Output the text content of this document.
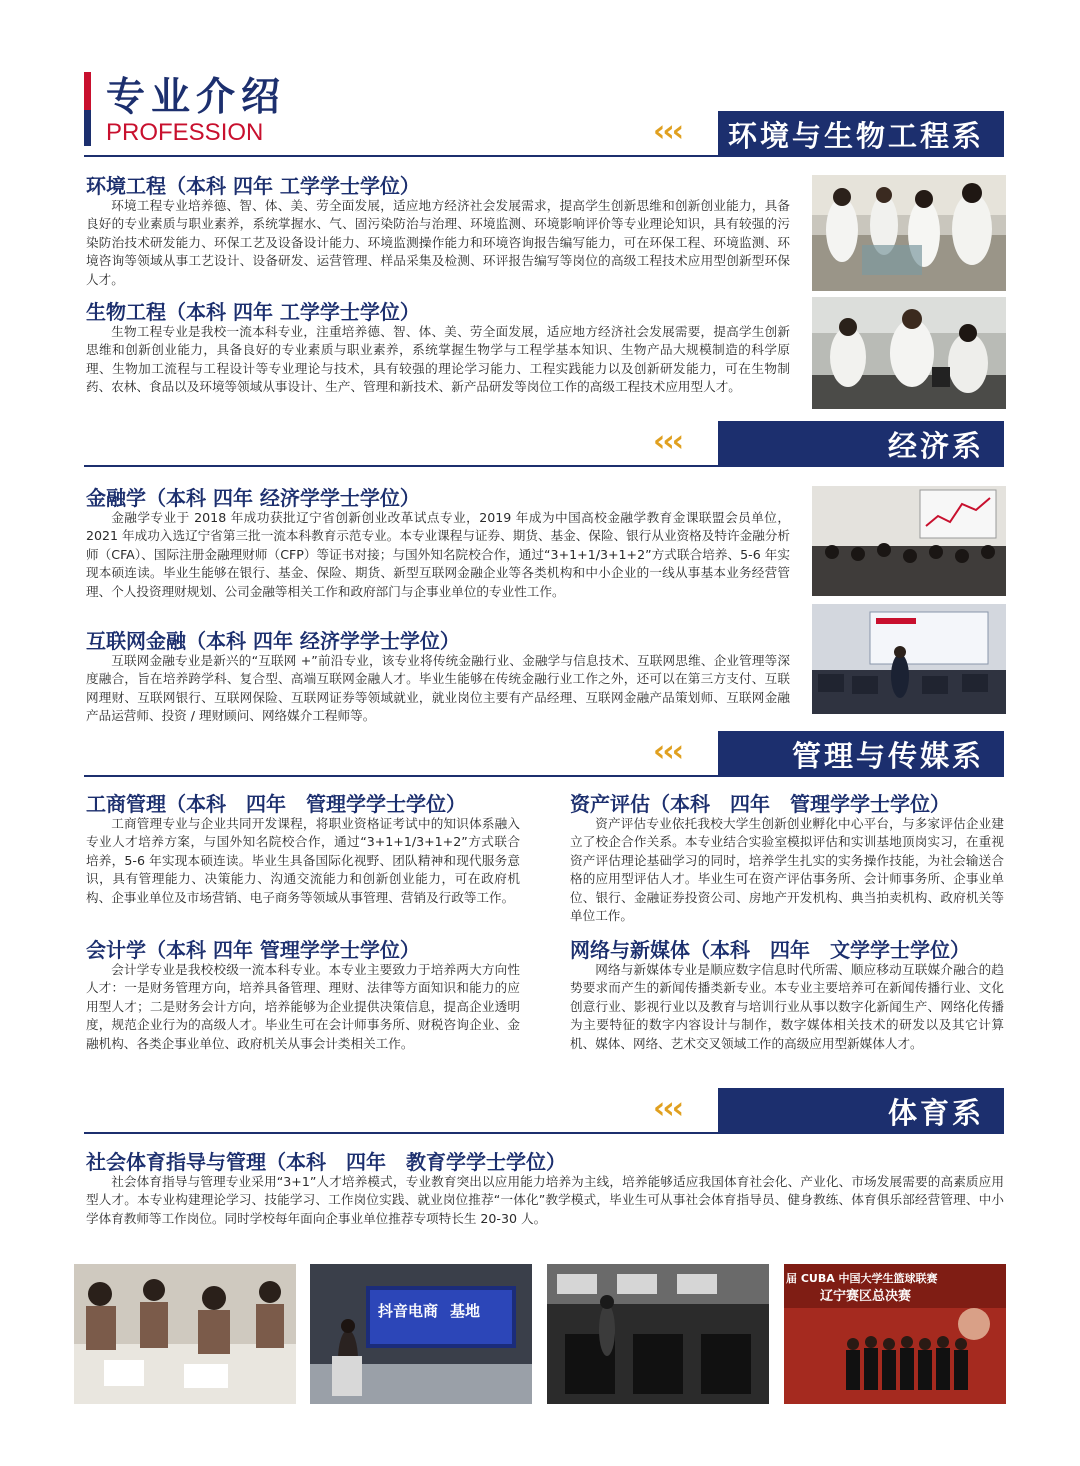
专业介绍
PROFESSION	‹‹‹	环境与生物工程系
环境工程（本科 四年 工学学士学位）

环境工程专业培养德、智、体、美、劳全面发展，适应地方经济社会发展需求，提高学生创新思维和创新创业能力，具备良好的专业素质与职业素养，系统掌握水、气、固污染防治与治理、环境监测、环境影响评价等专业理论知识，具有较强的污染防治技术研发能力、环保工艺及设备设计能力、环境监测操作能力和环境咨询报告编写能力，可在环保工程、环境监测、环境咨询等领域从事工艺设计、设备研发、运营管理、样品采集及检测、环评报告编写等岗位的高级工程技术应用型创新型环保人才。

生物工程（本科 四年 工学学士学位）

生物工程专业是我校一流本科专业，注重培养德、智、体、美、劳全面发展，适应地方经济社会发展需要，提高学生创新思维和创新创业能力，具备良好的专业素质与职业素养，系统掌握生物学与工程学基本知识、生物产品大规模制造的科学原理、生物加工流程与工程设计等专业理论与技术，具有较强的理论学习能力、工程实践能力以及创新研发能力，可在生物制药、农林、食品以及环境等领域从事设计、生产、管理和新技术、新产品研发等岗位工作的高级工程技术应用型人才。

‹‹‹	经济系
金融学（本科 四年 经济学学士学位）

金融学专业于 2018 年成功获批辽宁省创新创业改革试点专业，2019 年成为中国高校金融学教育金课联盟会员单位，2021 年成功入选辽宁省第三批一流本科教育示范专业。本专业课程与证券、期货、基金、保险、银行从业资格及特许金融分析师（CFA）、国际注册金融理财师（CFP）等证书对接；与国外知名院校合作，通过“3+1+1/3+1+2”方式联合培养、5-6 年实现本硕连读。毕业生能够在银行、基金、保险、期货、新型互联网金融企业等各类机构和中小企业的一线从事基本业务经营管理、个人投资理财规划、公司金融等相关工作和政府部门与企事业单位的专业性工作。

互联网金融（本科 四年 经济学学士学位）

互联网金融专业是新兴的“互联网 +”前沿专业，该专业将传统金融行业、金融学与信息技术、互联网思维、企业管理等深度融合，旨在培养跨学科、复合型、高端互联网金融人才。毕业生能够在传统金融行业工作之外，还可以在第三方支付、互联网理财、互联网银行、互联网保险、互联网证券等领域就业，就业岗位主要有产品经理、互联网金融产品策划师、互联网金融产品运营师、投资 / 理财顾问、网络媒介工程师等。

‹‹‹	管理与传媒系
工商管理（本科　四年　管理学学士学位）

工商管理专业与企业共同开发课程，将职业资格证考试中的知识体系融入专业人才培养方案，与国外知名院校合作，通过“3+1+1/3+1+2”方式联合培养，5-6 年实现本硕连读。毕业生具备国际化视野、团队精神和现代服务意识，具有管理能力、决策能力、沟通交流能力和创新创业能力，可在政府机构、企事业单位及市场营销、电子商务等领域从事管理、营销及行政等工作。

会计学（本科 四年 管理学学士学位）

会计学专业是我校校级一流本科专业。本专业主要致力于培养两大方向性人才：一是财务管理方向，培养具备管理、理财、法律等方面知识和能力的应用型人才；二是财务会计方向，培养能够为企业提供决策信息，提高企业透明度，规范企业行为的高级人才。毕业生可在会计师事务所、财税咨询企业、金融机构、各类企事业单位、政府机关从事会计类相关工作。

资产评估（本科　四年　管理学学士学位）

资产评估专业依托我校大学生创新创业孵化中心平台，与多家评估企业建立了校企合作关系。本专业结合实验室模拟评估和实训基地顶岗实习，在重视资产评估理论基础学习的同时，培养学生扎实的实务操作技能，为社会输送合格的应用型评估人才。毕业生可在资产评估事务所、会计师事务所、企事业单位、银行、金融证券投资公司、房地产开发机构、典当拍卖机构、政府机关等单位工作。

网络与新媒体（本科　四年　文学学士学位）

网络与新媒体专业是顺应数字信息时代所需、顺应移动互联媒介融合的趋势要求而产生的新闻传播类新专业。本专业主要培养可在新闻传播行业、文化创意行业、影视行业以及教育与培训行业从事以数字化新闻生产、网络化传播为主要特征的数字内容设计与制作，数字媒体相关技术的研发以及其它计算机、媒体、网络、艺术交叉领域工作的高级应用型新媒体人才。

‹‹‹	体育系
社会体育指导与管理（本科　四年　教育学学士学位）

社会体育指导与管理专业采用“3+1”人才培养模式，专业教育突出以应用能力培养为主线，培养能够适应我国体育社会化、产业化、市场发展需要的高素质应用型人才。本专业构建理论学习、技能学习、工作岗位实践、就业岗位推荐“一体化”教学模式，毕业生可从事社会体育指导员、健身教练、体育俱乐部经营管理、中小学体育教师等工作岗位。同时学校每年面向企事业单位推荐专项特长生 20-30 人。

抖音电商 基地
届 CUBA 中国大学生篮球联赛
辽宁赛区总决赛
